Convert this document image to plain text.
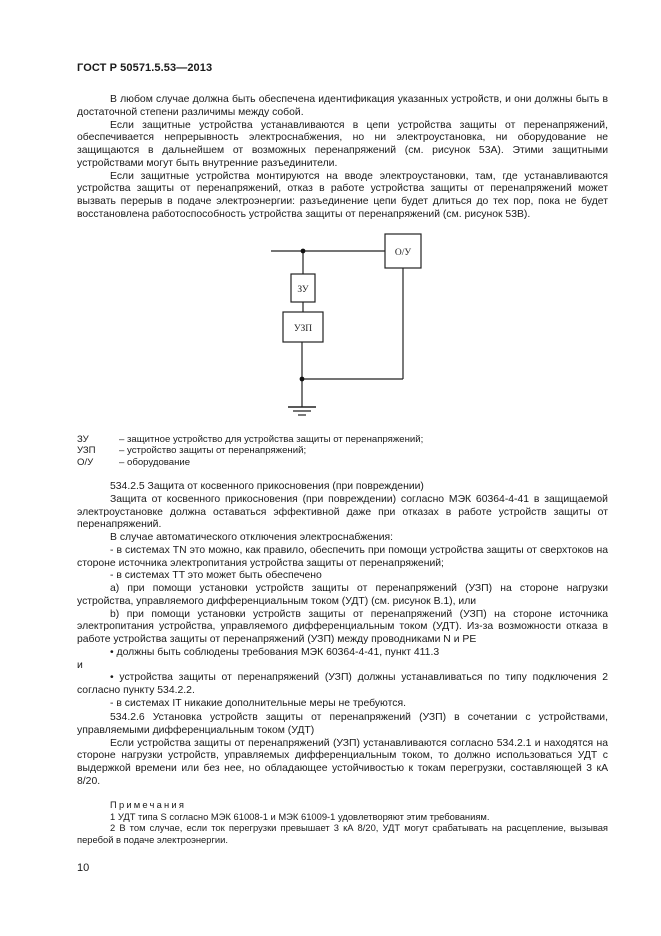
ГОСТ Р 50571.5.53—2013

В любом случае должна быть обеспечена идентификация указанных устройств, и они должны быть в достаточной степени различимы между собой.

Если защитные устройства устанавливаются в цепи устройства защиты от перенапряжений, обеспечивается непрерывность электроснабжения, но ни электроустановка, ни оборудование не защищаются в дальнейшем от возможных перенапряжений (см. рисунок 53А). Этими защитными устройствами могут быть внутренние разъединители.

Если защитные устройства монтируются на вводе электроустановки, там, где устанавливаются устройства защиты от перенапряжений, отказ в работе устройства защиты от перенапряжений может вызвать перерыв в подаче электроэнергии: разъединение цепи будет длиться до тех пор, пока не будет восстановлена работоспособность устройства защиты от перенапряжений (см. рисунок 53В).

ЗУ
УЗП
О/У
ЗУ	– защитное устройство для устройства защиты от перенапряжений;
УЗП	– устройство защиты от перенапряжений;
О/У	– оборудование

534.2.5 Защита от косвенного прикосновения (при повреждении)

Защита от косвенного прикосновения (при повреждении) согласно МЭК 60364-4-41 в защищаемой электроустановке должна оставаться эффективной даже при отказах в работе устройств защиты от перенапряжений.

В случае автоматического отключения электроснабжения:

- в системах TN это можно, как правило, обеспечить при помощи устройства защиты от сверхтоков на стороне источника электропитания устройства защиты от перенапряжений;

- в системах TT это может быть обеспечено

а) при помощи установки устройств защиты от перенапряжений (УЗП) на стороне нагрузки устройства, управляемого дифференциальным током (УДТ) (см. рисунок В.1), или

b) при помощи установки устройств защиты от перенапряжений (УЗП) на стороне источника электропитания устройства, управляемого дифференциальным током (УДТ). Из-за возможности отказа в работе устройства защиты от перенапряжений (УЗП) между проводниками N и PE

• должны быть соблюдены требования МЭК 60364-4-41, пункт 411.3

и

• устройства защиты от перенапряжений (УЗП) должны устанавливаться по типу подключения 2 согласно пункту 534.2.2.

- в системах IT никакие дополнительные меры не требуются.

534.2.6 Установка устройств защиты от перенапряжений (УЗП) в сочетании с устройствами, управляемыми дифференциальным током (УДТ)

Если устройства защиты от перенапряжений (УЗП) устанавливаются согласно 534.2.1 и находятся на стороне нагрузки устройств, управляемых дифференциальным током, то должно использоваться УДТ с выдержкой времени или без нее, но обладающее устойчивостью к токам перегрузки, составляющей 3 кА 8/20.

Примечания

1 УДТ типа S согласно МЭК 61008-1 и МЭК 61009-1 удовлетворяют этим требованиям.

2 В том случае, если ток перегрузки превышает 3 кА 8/20, УДТ могут срабатывать на расцепление, вызывая перебой в подаче электроэнергии.

10
